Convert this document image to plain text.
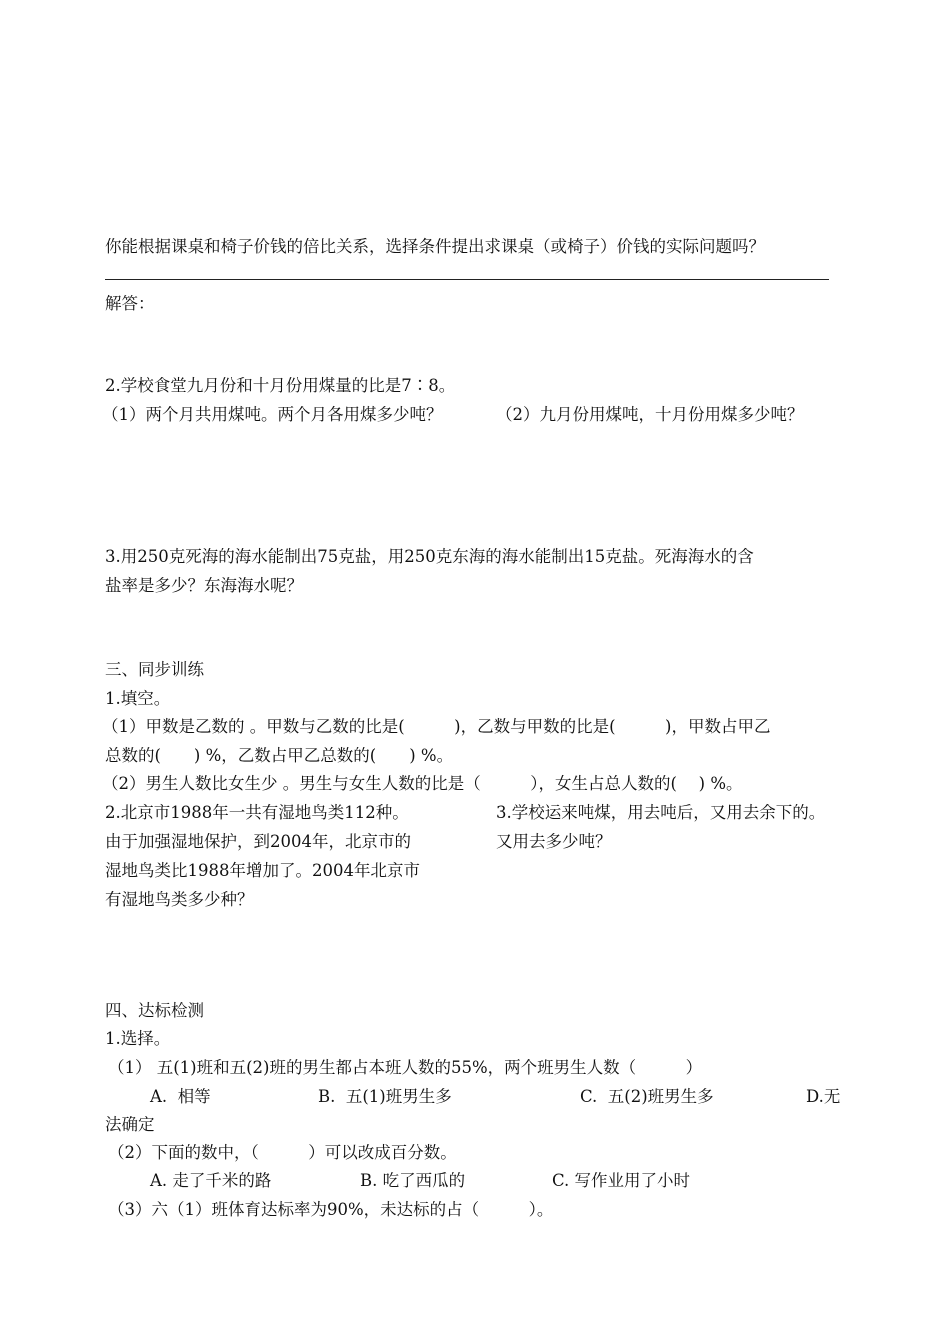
你能根据课桌和椅子价钱的倍比关系，选择条件提出求课桌（或椅子）价钱的实际问题吗？
解答：
2.学校食堂九月份和十月份用煤量的比是7∶8。
（1）两个月共用煤吨。两个月各用煤多少吨？	（2）九月份用煤吨，十月份用煤多少吨？
3.用250克死海的海水能制出75克盐，用250克东海的海水能制出15克盐。死海海水的含
盐率是多少？东海海水呢？
三、同步训练
1.填空。
（1）甲数是乙数的 。甲数与乙数的比是(　　　)，乙数与甲数的比是(　　　)，甲数占甲乙
总数的(　　) %，乙数占甲乙总数的(　　) %。
（2）男生人数比女生少 。男生与女生人数的比是（　　　），女生占总人数的(　 ) %。
2.北京市1988年一共有湿地鸟类112种。
由于加强湿地保护，到2004年，北京市的
湿地鸟类比1988年增加了。2004年北京市
有湿地鸟类多少种？
3.学校运来吨煤，用去吨后，又用去余下的。
又用去多少吨？
四、达标检测
1.选择。
（1） 五(1)班和五(2)班的男生都占本班人数的55%，两个班男生人数（　　　）
A.  相等	B.  五(1)班男生多	C.  五(2)班男生多	D.无
法确定
（2）下面的数中，（　　　）可以改成百分数。
A. 走了千米的路	B. 吃了西瓜的	C. 写作业用了小时
（3）六（1）班体育达标率为90%，未达标的占（　　　）。
